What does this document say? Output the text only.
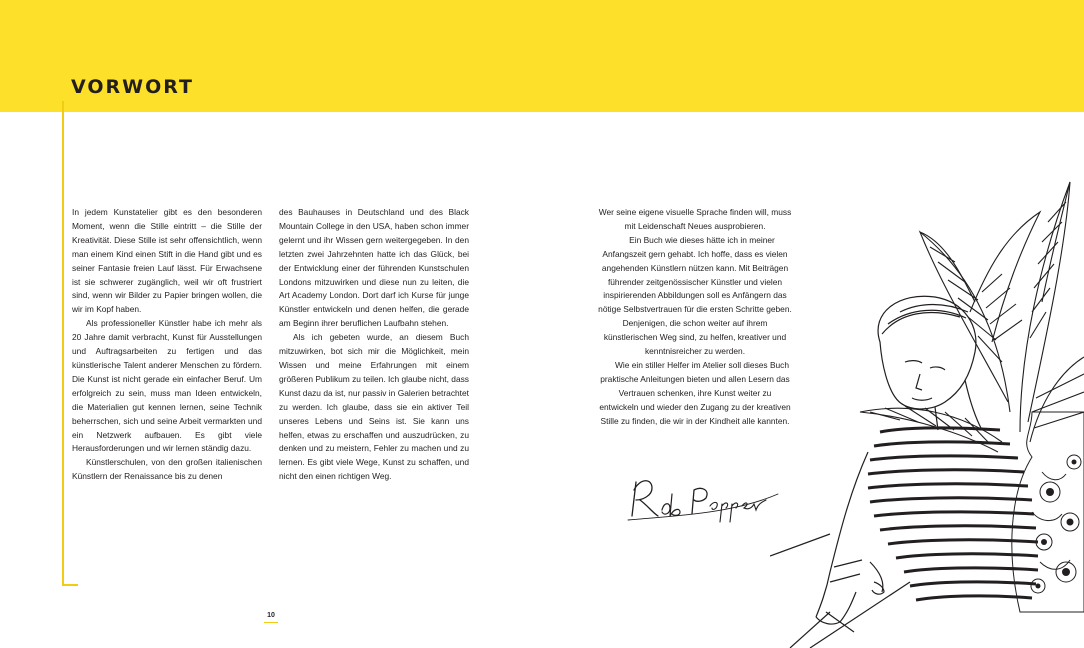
VORWORT

In jedem Kunstatelier gibt es den besonderen Moment, wenn die Stille eintritt – die Stille der Kreativität. Diese Stille ist sehr offensichtlich, wenn man einem Kind einen Stift in die Hand gibt und es seiner Fantasie freien Lauf lässt. Für Erwachsene ist sie schwerer zugänglich, weil wir oft frustriert sind, wenn wir Bilder zu Papier bringen wollen, die wir im Kopf haben.

Als professioneller Künstler habe ich mehr als 20 Jahre damit verbracht, Kunst für Ausstellungen und Auftragsarbeiten zu fertigen und das künstlerische Talent anderer Menschen zu fördern. Die Kunst ist nicht gerade ein einfacher Beruf. Um erfolgreich zu sein, muss man Ideen entwickeln, die Materialien gut kennen lernen, seine Technik beherrschen, sich und seine Arbeit vermarkten und ein Netzwerk aufbauen. Es gibt viele Herausforderungen und wir lernen ständig dazu.

Künstlerschulen, von den großen italienischen Künstlern der Renaissance bis zu denen

des Bauhauses in Deutschland und des Black Mountain College in den USA, haben schon immer gelernt und ihr Wissen gern weitergegeben. In den letzten zwei Jahrzehnten hatte ich das Glück, bei der Entwicklung einer der führenden Kunstschulen Londons mitzuwirken und diese nun zu leiten, die Art Academy London. Dort darf ich Kurse für junge Künstler entwickeln und denen helfen, die gerade am Beginn ihrer beruflichen Laufbahn stehen.

Als ich gebeten wurde, an diesem Buch mitzuwirken, bot sich mir die Möglichkeit, mein Wissen und meine Erfahrungen mit einem größeren Publikum zu teilen. Ich glaube nicht, dass Kunst dazu da ist, nur passiv in Galerien betrachtet zu werden. Ich glaube, dass sie ein aktiver Teil unseres Lebens und Seins ist. Sie kann uns helfen, etwas zu erschaffen und auszudrücken, zu denken und zu meistern, Fehler zu machen und zu lernen. Es gibt viele Wege, Kunst zu schaffen, und nicht den einen richtigen Weg.

Wer seine eigene visuelle Sprache finden will, muss mit Leidenschaft Neues ausprobieren.

Ein Buch wie dieses hätte ich in meiner Anfangszeit gern gehabt. Ich hoffe, dass es vielen angehenden Künstlern nützen kann. Mit Beiträgen führender zeitgenössischer Künstler und vielen inspirierenden Abbildungen soll es Anfängern das nötige Selbstvertrauen für die ersten Schritte geben. Denjenigen, die schon weiter auf ihrem künstlerischen Weg sind, zu helfen, kreativer und kenntnisreicher zu werden.

Wie ein stiller Helfer im Atelier soll dieses Buch praktische Anleitungen bieten und allen Lesern das Vertrauen schenken, ihre Kunst weiter zu entwickeln und wieder den Zugang zu der kreativen Stille zu finden, die wir in der Kindheit alle kannten.

10
